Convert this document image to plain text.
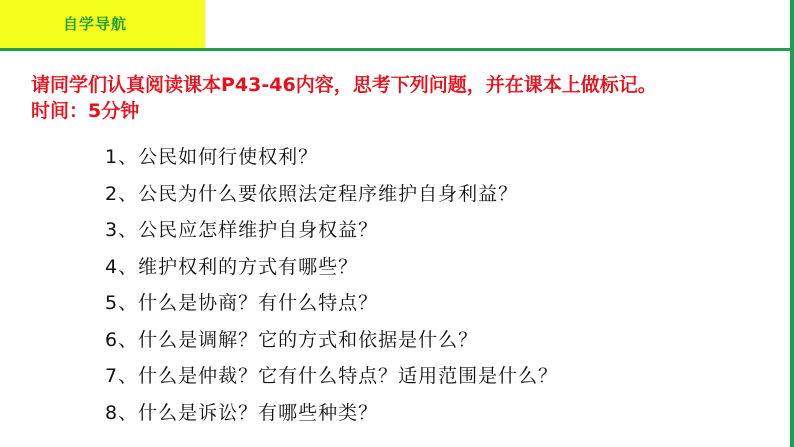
自学导航
请同学们认真阅读课本P43-46内容，思考下列问题，并在课本上做标记。
时间：5分钟
1、公民如何行使权利？
2、公民为什么要依照法定程序维护自身利益？
3、公民应怎样维护自身权益？
4、维护权利的方式有哪些？
5、什么是协商？有什么特点？
6、什么是调解？它的方式和依据是什么？
7、什么是仲裁？它有什么特点？适用范围是什么？
8、什么是诉讼？有哪些种类？
